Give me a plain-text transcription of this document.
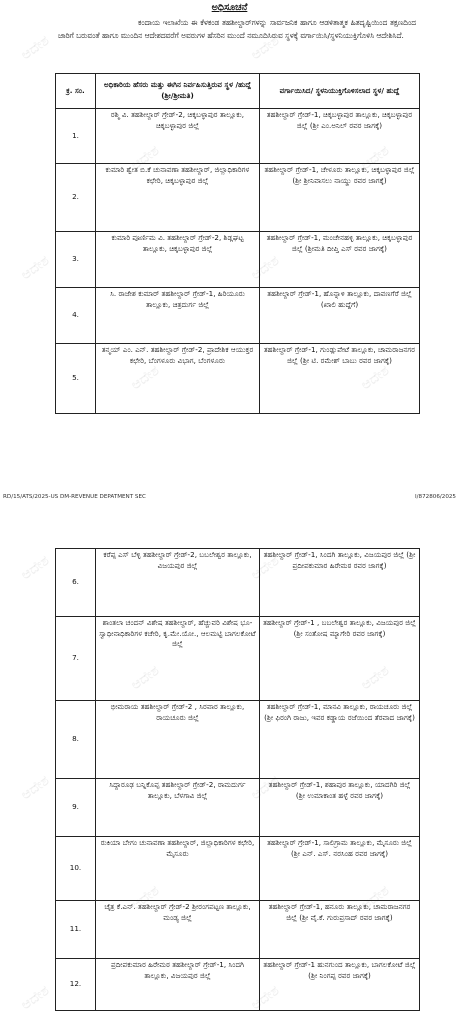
ಆದೇಶ	ಆದೇಶ
ಆದೇಶ	ಆದೇಶ
ಆದೇಶ	ಆದೇಶ
ಆದೇಶ	ಆದೇಶ
ಆದೇಶ	ಆದೇಶ
ಆದೇಶ	ಆದೇಶ
ಆದೇಶ	ಆದೇಶ
ಆದೇಶ	ಆದೇಶ
ಆದೇಶ	ಆದೇಶ
ಅಧಿಸೂಚನೆ
ಕಂದಾಯ ಇಲಾಖೆಯ ಈ ಕೆಳಕಂಡ ತಹಶೀಲ್ದಾರ್‌ಗಳನ್ನು ಸಾರ್ವಜನಿಕ ಹಾಗೂ ಆಡಳಿತಾತ್ಮಕ ಹಿತದೃಷ್ಟಿಯಿಂದ ತಕ್ಷಣದಿಂದ ಜಾರಿಗೆ ಬರುವಂತೆ ಹಾಗೂ ಮುಂದಿನ ಆದೇಶದವರೆಗೆ ಅವರುಗಳ ಹೆಸರಿನ ಮುಂದೆ ನಮೂದಿಸಿರುವ ಸ್ಥಳಕ್ಕೆ ವರ್ಗಾಯಿಸಿ/ಸ್ಥಳನಿಯುಕ್ತಿಗೊಳಿಸಿ ಆದೇಶಿಸಿದೆ.
ಕ್ರ. ಸಂ.	ಅಧಿಕಾರಿಯ ಹೆಸರು ಮತ್ತು ಈಗಿನ ನಿರ್ವಹಿಸುತ್ತಿರುವ ಸ್ಥಳ /ಹುದ್ದೆ (ಶ್ರೀ/ಶ್ರೀಮತಿ)	ವರ್ಗಾಯಿಸಿದ/ ಸ್ಥಳನಿಯುಕ್ತಿಗೊಳಿಸಲಾದ ಸ್ಥಳ/ ಹುದ್ದೆ
1.	ರಶ್ಮಿ ವಿ. ತಹಶೀಲ್ದಾರ್ ಗ್ರೇಡ್-2, ಚಿಕ್ಕಬಳ್ಳಾಪುರ ತಾಲ್ಲೂಕು, ಚಿಕ್ಕಬಳ್ಳಾಪುರ ಜಿಲ್ಲೆ	ತಹಶೀಲ್ದಾರ್ ಗ್ರೇಡ್-1, ಚಿಕ್ಕಬಳ್ಳಾಪುರ ತಾಲ್ಲೂಕು, ಚಿಕ್ಕಬಳ್ಳಾಪುರ ಜಿಲ್ಲೆ (ಶ್ರೀ ಎಂ.ಅನಿಲ್ ರವರ ಜಾಗಕ್ಕೆ)
2.	ಕುಮಾರಿ ಶ್ವೇತ ಬಿ.ಕೆ ಚುನಾವಣಾ ತಹಶೀಲ್ದಾರ್, ಜಿಲ್ಲಾಧಿಕಾರಿಗಳ ಕಛೇರಿ, ಚಿಕ್ಕಬಳ್ಳಾಪುರ ಜಿಲ್ಲೆ	ತಹಶೀಲ್ದಾರ್ ಗ್ರೇಡ್-1, ಚೇಳೂರು ತಾಲ್ಲೂಕು, ಚಿಕ್ಕಬಳ್ಳಾಪುರ ಜಿಲ್ಲೆ (ಶ್ರೀ ಶ್ರೀನಿವಾಸಲು ನಾಯ್ಡು ರವರ ಜಾಗಕ್ಕೆ)
3.	ಕುಮಾರಿ ಪೂರ್ಣಿಮ ವಿ. ತಹಶೀಲ್ದಾರ್ ಗ್ರೇಡ್-2, ಶಿಡ್ಲಘಟ್ಟ ತಾಲ್ಲೂಕು, ಚಿಕ್ಕಬಳ್ಳಾಪುರ ಜಿಲ್ಲೆ	ತಹಶೀಲ್ದಾರ್ ಗ್ರೇಡ್-1, ಮಂಚೇನಹಳ್ಳಿ ತಾಲ್ಲೂಕು, ಚಿಕ್ಕಬಳ್ಳಾಪುರ ಜಿಲ್ಲೆ (ಶ್ರೀಮತಿ ದೀಪ್ತಿ ಎಸ್ ರವರ ಜಾಗಕ್ಕೆ)
4.	ಸಿ. ರಾಜೇಶ ಕುಮಾರ್ ತಹಶೀಲ್ದಾರ್ ಗ್ರೇಡ್-1, ಹಿರಿಯೂರು ತಾಲ್ಲೂಕು, ಚಿತ್ರದುರ್ಗ ಜಿಲ್ಲೆ	ತಹಶೀಲ್ದಾರ್ ಗ್ರೇಡ್-1, ಹೊನ್ನಾಳಿ ತಾಲ್ಲೂಕು, ದಾವಣಗೆರೆ ಜಿಲ್ಲೆ (ಖಾಲಿ ಹುದ್ದೆಗೆ)
5.	ತನ್ಮಯ್ ಎಂ. ಎನ್. ತಹಶೀಲ್ದಾರ್ ಗ್ರೇಡ್-2, ಪ್ರಾದೇಶಿಕ ಆಯುಕ್ತರ ಕಛೇರಿ, ಬೆಂಗಳೂರು ವಿಭಾಗ, ಬೆಂಗಳೂರು	ತಹಶೀಲ್ದಾರ್ ಗ್ರೇಡ್-1, ಗುಂಡ್ಲುಪೇಟೆ ತಾಲ್ಲೂಕು, ಚಾಮರಾಜನಗರ ಜಿಲ್ಲೆ (ಶ್ರೀ ಟಿ. ರಮೇಶ್ ಬಾಬು ರವರ ಜಾಗಕ್ಕೆ)
RD/15/ATS/2025-US DM-REVENUE DEPATMENT SEC	I/872806/2025
6.	ಕರೆಪ್ಪ ಎಸ್ ಬೆಳ್ಳಿ ತಹಶೀಲ್ದಾರ್ ಗ್ರೇಡ್-2, ಬಬಲೇಶ್ವರ ತಾಲ್ಲೂಕು, ವಿಜಯಪುರ ಜಿಲ್ಲೆ	ತಹಶೀಲ್ದಾರ್ ಗ್ರೇಡ್-1, ಸಿಂದಗಿ ತಾಲ್ಲೂಕು, ವಿಜಯಪುರ ಜಿಲ್ಲೆ (ಶ್ರೀ ಪ್ರದೀಪಕುಮಾರ ಹಿರೇಮಠ ರವರ ಜಾಗಕ್ಕೆ)
7.	ಶಾಂತಲಾ ಚಂದನ್ ವಿಶೇಷ ತಹಶೀಲ್ದಾರ್, ಹೆಚ್ಚುವರಿ ವಿಶೇಷ ಭೂ-ಸ್ವಾಧೀನಾಧಿಕಾರಿಗಳ ಕಚೇರಿ, ಕೃ.ಮೇ.ಯೋ., ಆಲಮಟ್ಟಿ ಬಾಗಲಕೋಟೆ ಜಿಲ್ಲೆ	ತಹಶೀಲ್ದಾರ್ ಗ್ರೇಡ್-1 , ಬಬಲೇಶ್ವರ ತಾಲ್ಲೂಕು, ವಿಜಯಪುರ ಜಿಲ್ಲೆ (ಶ್ರೀ ಸಂತೋಷ ಮ್ಯಾಗೇರಿ ರವರ ಜಾಗಕ್ಕೆ)
8.	ಭೀಮರಾಯ ತಹಶೀಲ್ದಾರ್ ಗ್ರೇಡ್-2 , ಸಿರವಾರ ತಾಲ್ಲೂಕು, ರಾಯಚೂರು ಜಿಲ್ಲೆ	ತಹಶೀಲ್ದಾರ್ ಗ್ರೇಡ್-1, ಮಾನವಿ ತಾಲ್ಲೂಕು, ರಾಯಚೂರು ಜಿಲ್ಲೆ (ಶ್ರೀ ಫಿರಂಗಿ ರಾಜು, ಇವರ ಕಡ್ಡಾಯ ರಜೆಯಿಂದ ತೆರವಾದ ಜಾಗಕ್ಕೆ)
9.	ಸಿದ್ದಾರೂಢ ಬನ್ನಿಕೊಪ್ಪ ತಹಶೀಲ್ದಾರ್ ಗ್ರೇಡ್-2, ರಾಮದುರ್ಗ ತಾಲ್ಲೂಕು, ಬೆಳಗಾವಿ ಜಿಲ್ಲೆ	ತಹಶೀಲ್ದಾರ್ ಗ್ರೇಡ್-1, ಶಹಾಪುರ ತಾಲ್ಲೂಕು, ಯಾದಗಿರಿ ಜಿಲ್ಲೆ (ಶ್ರೀ ಉಮಾಕಾಂತ ಹಳ್ಳೆ ರವರ ಜಾಗಕ್ಕೆ)
10.	ರುಕಿಯಾ ಬೇಗಂ ಚುನಾವಣಾ ತಹಶೀಲ್ದಾರ್, ಜಿಲ್ಲಾಧಿಕಾರಿಗಳ ಕಛೇರಿ, ಮೈಸೂರು	ತಹಶೀಲ್ದಾರ್ ಗ್ರೇಡ್-1, ಸಾಲಿಗ್ರಾಮ ತಾಲ್ಲೂಕು, ಮೈಸೂರು ಜಿಲ್ಲೆ (ಶ್ರೀ ಎನ್. ಎಸ್. ನರಸಿಂಹ ರವರ ಜಾಗಕ್ಕೆ)
11.	ಚೈತ್ರ ಕೆ.ಎನ್. ತಹಶೀಲ್ದಾರ್ ಗ್ರೇಡ್-2 ಶ್ರೀರಂಗಪಟ್ಟಣ ತಾಲ್ಲೂಕು, ಮಂಡ್ಯ ಜಿಲ್ಲೆ	ತಹಶೀಲ್ದಾರ್ ಗ್ರೇಡ್-1, ಹನೂರು ತಾಲ್ಲೂಕು, ಚಾಮರಾಜನಗರ ಜಿಲ್ಲೆ (ಶ್ರೀ ವೈ.ಕೆ. ಗುರುಪ್ರಸಾದ್ ರವರ ಜಾಗಕ್ಕೆ)
12.	ಪ್ರದೀಪಕುಮಾರ ಹಿರೇಮಠ ತಹಶೀಲ್ದಾರ್ ಗ್ರೇಡ್-1, ಸಿಂದಗಿ ತಾಲ್ಲೂಕು, ವಿಜಯಪುರ ಜಿಲ್ಲೆ	ತಹಶೀಲ್ದಾರ್ ಗ್ರೇಡ್-1 ಹುನಗುಂದ ತಾಲ್ಲೂಕು, ಬಾಗಲಕೋಟೆ ಜಿಲ್ಲೆ (ಶ್ರೀ ನಿಂಗಪ್ಪ ರವರ ಜಾಗಕ್ಕೆ)
